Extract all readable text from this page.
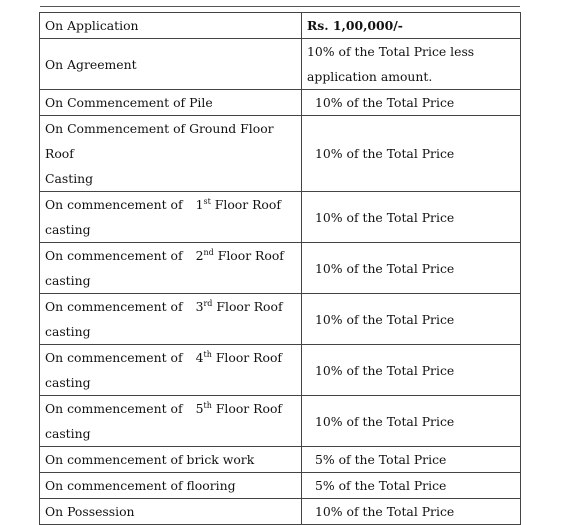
On Application	Rs. 1,00,000/-
On Agreement	10% of the Total Price less
application amount.
On Commencement of Pile	10% of the Total Price
On Commencement of Ground Floor Roof
Casting	10% of the Total Price
On commencement of 1st Floor Roof
casting	10% of the Total Price
On commencement of 2nd Floor Roof
casting	10% of the Total Price
On commencement of 3rd Floor Roof
casting	10% of the Total Price
On commencement of 4th Floor Roof
casting	10% of the Total Price
On commencement of 5th Floor Roof
casting	10% of the Total Price
On commencement of brick work	5% of the Total Price
On commencement of flooring	5% of the Total Price
On Possession	10% of the Total Price
